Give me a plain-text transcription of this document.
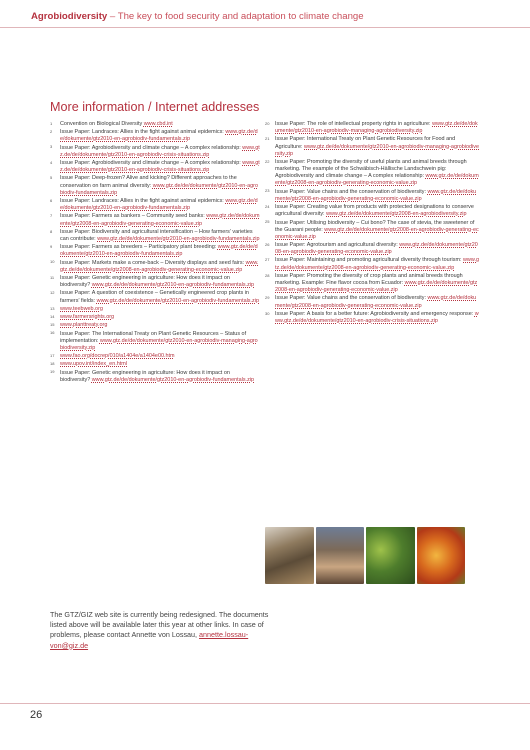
Agrobiodiversity – The key to food security and adaptation to climate change
More information / Internet addresses
1 Convention on Biological Diversity www.cbd.int
2 Issue Paper: Landraces: Allies in the fight against animal epidemics: www.gtz.de/de/dokumente/gtz2010-en-agrobiodiv-fundamentals.zip
3 Issue Paper: Agrobiodiversity and climate change – A complex relationship: www.gtz.de/de/dokumente/gtz2010-en-agrobiodiv-crisis-situations.zip
4 Issue Paper: Agrobiodiversity and climate change – A complex relationship: www.gtz.de/de/dokumente/gtz2010-en-agrobiodiv-crisis-situations.zip
5 Issue Paper: Deep-frozen? Alive and kicking? Different approaches to the conservation on farm animal diversity: www.gtz.de/de/dokumente/gtz2010-en-agrobiodiv-fundamentals.zip
6 Issue Paper: Landraces: Allies in the fight against animal epidemics: www.gtz.de/de/dokumente/gtz2010-en-agrobiodiv-fundamentals.zip
7 Issue Paper: Farmers as bankers – Community seed banks: www.gtz.de/de/dokumente/gtz2008-en-agrobiodiv-generating-economic-value.zip
8 Issue Paper: Biodiversity and agricultural intensification – How farmers’ varieties can contribute: www.gtz.de/de/dokumente/gtz2010-en-agrobiodiv-fundamentals.zip
9 Issue Paper: Farmers as breeders – Participatory plant breeding: www.gtz.de/de/dokumente/gtz2010-en-agrobiodiv-fundamentals.zip
10 Issue Paper: Markets make a come-back – Diversity displays and seed fairs: www.gtz.de/de/dokumente/gtz2008-en-agrobiodiv-generating-economic-value.zip
11 Issue Paper: Genetic engineering in agriculture: How does it impact on biodiversity? www.gtz.de/de/dokumente/gtz2010-en-agrobiodiv-fundamentals.zip
12 Issue Paper: A question of coexistence – Genetically engineered crop plants in farmers’ fields: www.gtz.de/de/dokumente/gtz2010-en-agrobiodiv-fundamentals.zip
13 www.teebweb.org
14 www.farmersrights.org
15 www.planttreaty.org
16 Issue Paper: The International Treaty on Plant Genetic Resources – Status of implementation: www.gtz.de/de/dokumente/gtz2010-en-agrobiodiv-managing-agrobiodiversity.zip
17 www.fao.org/docrep/010/a1404e/a1404e00.htm
18 www.upov.int/index_en.html
19 Issue Paper: Genetic engineering in agriculture: How does it impact on biodiversity? www.gtz.de/de/dokumente/gtz2010-en-agrobiodiv-fundamentals.zip
20 Issue Paper: The role of intellectual property rights in agriculture: www.gtz.de/de/dokumente/gtz2010-en-agrobiodiv-managing-agrobiodiversity.zip
21 Issue Paper: International Treaty on Plant Genetic Resources for Food and Agriculture: www.gtz.de/de/dokumente/gtz2010-en-agrobiodiv-managing-agrobiodiversity.zip
22 Issue Paper: Promoting the diversity of useful plants and animal breeds through marketing. The example of the Schwäbisch-Hällische Landschwein pig: Agrobiodiversity and climate change – A complex relationship: www.gtz.de/de/dokumente/gtz2008-en-agrobiodiv-generating-economic-value.zip
23 Issue Paper: Value chains and the conservation of biodiversity: www.gtz.de/de/dokumente/gtz2008-en-agrobiodiv-generating-economic-value.zip
24 Issue Paper: Creating value from products with protected designations to conserve agricultural diversity: www.gtz.de/de/dokumente/gtz2008-en-agrobiodiversity.zip
25 Issue Paper: Utilising biodiversity – Cui bono? The case of stevia, the sweetener of the Guarani people: www.gtz.de/de/dokumente/gtz2008-en-agrobiodiv-generating-economic-value.zip
26 Issue Paper: Agrotourism and agricultural diversity: www.gtz.de/de/dokumente/gtz2008-en-agrobiodiv-generating-economic-value.zip
27 Issue Paper: Maintaining and promoting agricultural diversity through tourism: www.gtz.de/de/dokumente/gtz2008-en-agrobiodiv-generating-economic-value.zip
28 Issue Paper: Promoting the diversity of crop plants and animal breeds through marketing. Example: Fine flavor cocoa from Ecuador: www.gtz.de/de/dokumente/gtz2008-en-agrobiodiv-generating-economic-value.zip
29 Issue Paper: Value chains and the conservation of biodiversity: www.gtz.de/de/dokumente/gtz2008-en-agrobiodiv-generating-economic-value.zip
30 Issue Paper: A basis for a better future: Agrobiodiversity and emergency response: www.gtz.de/de/dokumente/gtz2010-en-agrobiodiv-crisis-situations.zip
The GTZ/GIZ web site is currently being redesigned. The documents listed above will be available later this year at other links. In case of problems, please contact Annette von Lossau, annette.lossau-von@giz.de
26
